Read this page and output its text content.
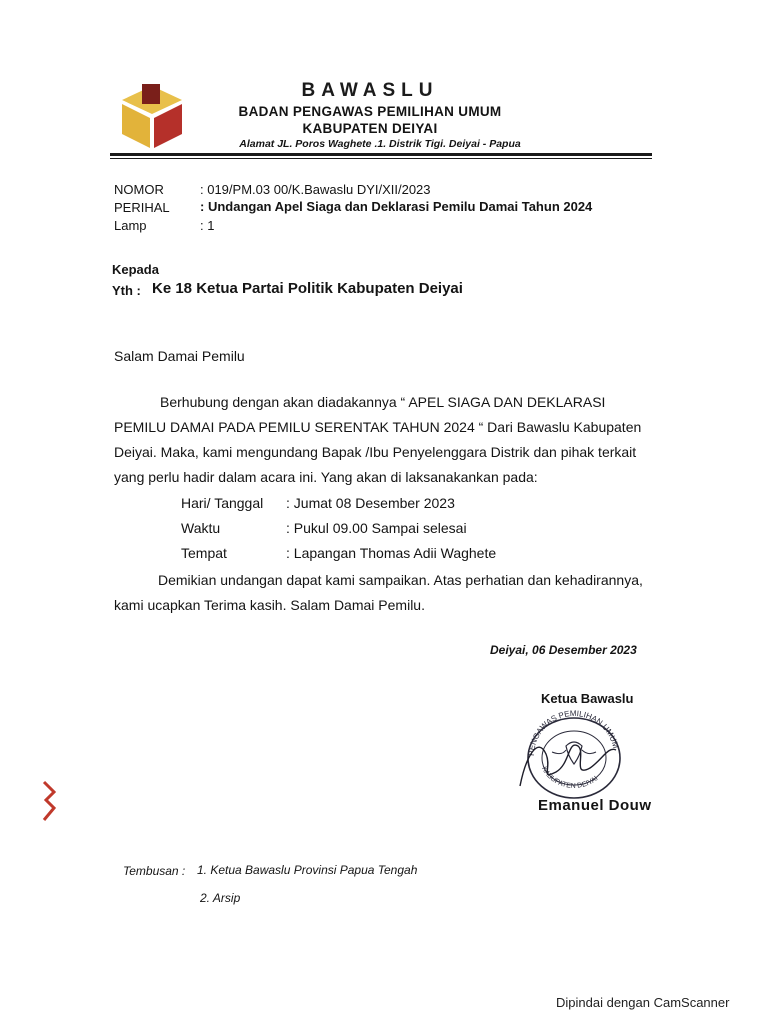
BAWASLU
BADAN PENGAWAS PEMILIHAN UMUM
KABUPATEN DEIYAI
Alamat JL. Poros Waghete .1. Distrik Tigi. Deiyai - Papua
NOMOR	: 019/PM.03 00/K.Bawaslu DYI/XII/2023
PERIHAL : Undangan Apel Siaga dan Deklarasi Pemilu Damai Tahun 2024
Lamp	: 1
Kepada
Yth : Ke 18 Ketua Partai Politik Kabupaten Deiyai
Salam Damai Pemilu
Berhubung dengan akan diadakannya “ APEL SIAGA DAN DEKLARASI
PEMILU DAMAI PADA PEMILU SERENTAK TAHUN 2024 “ Dari Bawaslu Kabupaten
Deiyai. Maka, kami mengundang Bapak /Ibu Penyelenggara Distrik dan pihak terkait
yang perlu hadir dalam acara ini. Yang akan di laksanakankan pada:
Hari/ Tanggal : Jumat 08 Desember 2023
Waktu	: Pukul 09.00 Sampai selesai
Tempat	: Lapangan Thomas Adii Waghete
Demikian undangan dapat kami sampaikan. Atas perhatian dan kehadirannya,
kami ucapkan Terima kasih. Salam Damai Pemilu.
Deiyai, 06 Desember 2023
Ketua Bawaslu
PENGAWAS PEMILIHAN UMUM
KABUPATEN DEIYAI
Emanuel Douw
Tembusan : 1. Ketua Bawaslu Provinsi Papua Tengah
2. Arsip
Dipindai dengan CamScanner
